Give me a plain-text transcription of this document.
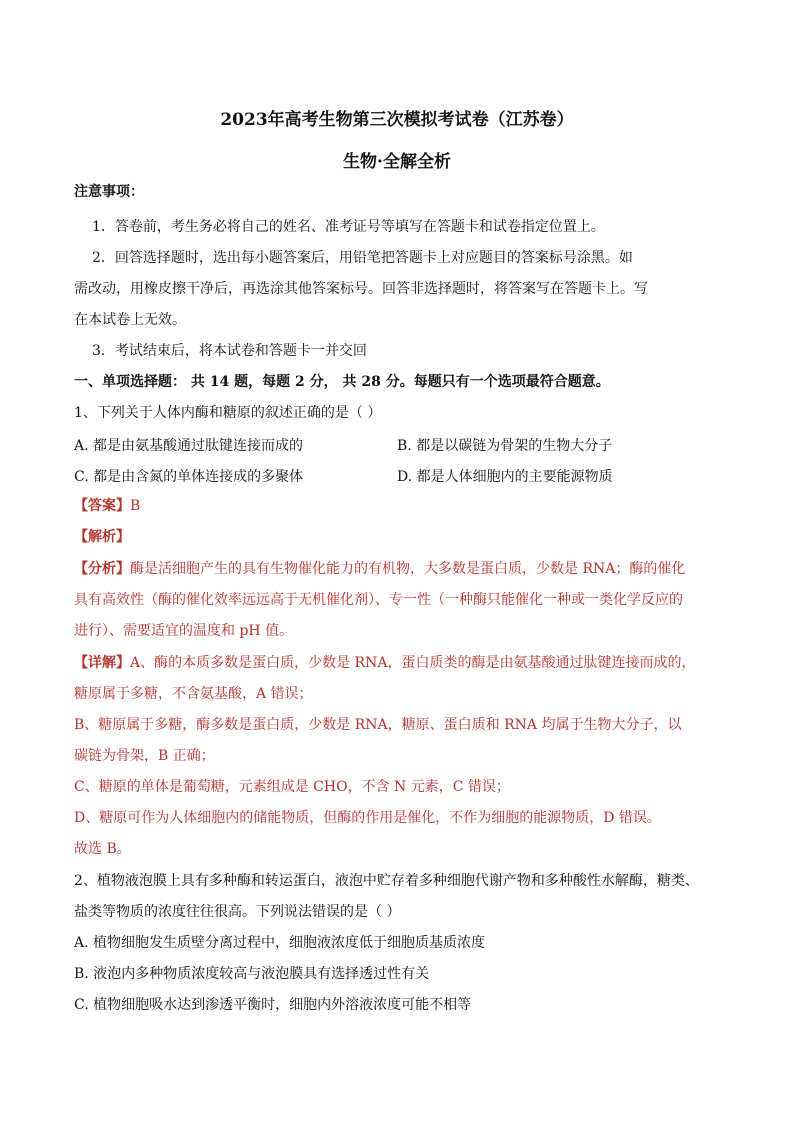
2023年高考生物第三次模拟考试卷（江苏卷）
生物·全解全析
注意事项：
1．答卷前，考生务必将自己的姓名、准考证号等填写在答题卡和试卷指定位置上。
2．回答选择题时，选出每小题答案后，用铅笔把答题卡上对应题目的答案标号涂黑。如
需改动，用橡皮擦干净后，再选涂其他答案标号。回答非选择题时，将答案写在答题卡上。写
在本试卷上无效。
3．考试结束后，将本试卷和答题卡一并交回
一、单项选择题： 共 14 题，每题 2 分， 共 28 分。每题只有一个选项最符合题意。
1、下列关于人体内酶和糖原的叙述正确的是（ ）
A. 都是由氨基酸通过肽键连接而成的	B. 都是以碳链为骨架的生物大分子
C. 都是由含氮的单体连接成的多聚体	D. 都是人体细胞内的主要能源物质
【答案】B
【解析】
【分析】酶是活细胞产生的具有生物催化能力的有机物，大多数是蛋白质，少数是 RNA；酶的催化
具有高效性（酶的催化效率远远高于无机催化剂）、专一性（一种酶只能催化一种或一类化学反应的
进行）、需要适宜的温度和 pH 值。
【详解】A、酶的本质多数是蛋白质，少数是 RNA，蛋白质类的酶是由氨基酸通过肽键连接而成的，
糖原属于多糖，不含氨基酸，A 错误；
B、糖原属于多糖，酶多数是蛋白质，少数是 RNA，糖原、蛋白质和 RNA 均属于生物大分子，以
碳链为骨架，B 正确；
C、糖原的单体是葡萄糖，元素组成是 CHO，不含 N 元素，C 错误；
D、糖原可作为人体细胞内的储能物质，但酶的作用是催化，不作为细胞的能源物质，D 错误。
故选 B。
2、植物液泡膜上具有多种酶和转运蛋白，液泡中贮存着多种细胞代谢产物和多种酸性水解酶，糖类、
盐类等物质的浓度往往很高。下列说法错误的是（ ）
A. 植物细胞发生质壁分离过程中，细胞液浓度低于细胞质基质浓度
B. 液泡内多种物质浓度较高与液泡膜具有选择透过性有关
C. 植物细胞吸水达到渗透平衡时，细胞内外溶液浓度可能不相等
